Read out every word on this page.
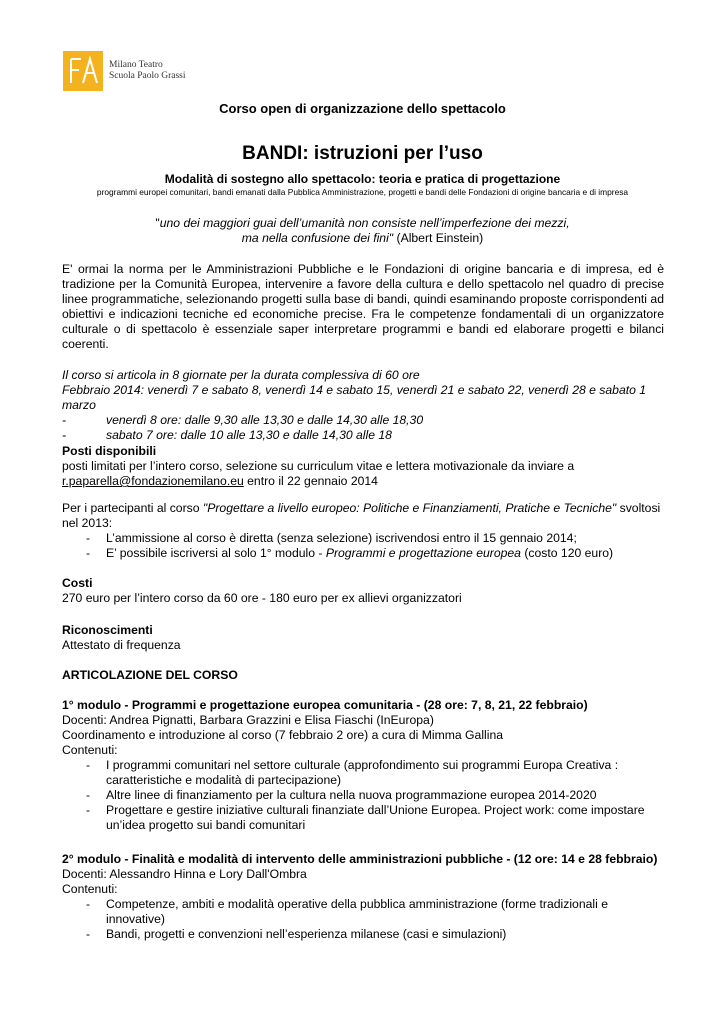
Milano Teatro
Scuola Paolo Grassi
Corso open di organizzazione dello spettacolo
BANDI: istruzioni per l’uso
Modalità di sostegno allo spettacolo: teoria e pratica di progettazione
programmi europei comunitari, bandi emanati dalla Pubblica Amministrazione, progetti e bandi delle Fondazioni di origine bancaria e di impresa
"uno dei maggiori guai dell’umanità non consiste nell’imperfezione dei mezzi,
ma nella confusione dei fini" (Albert Einstein)
E' ormai la norma per le Amministrazioni Pubbliche e le Fondazioni di origine bancaria e di impresa, ed è tradizione per la Comunità Europea, intervenire a favore della cultura e dello spettacolo nel quadro di precise linee programmatiche, selezionando progetti sulla base di bandi, quindi esaminando proposte corrispondenti ad obiettivi e indicazioni tecniche ed economiche precise. Fra le competenze fondamentali di un organizzatore culturale o di spettacolo è essenziale saper interpretare programmi e bandi ed elaborare progetti e bilanci coerenti.
Il corso si articola in 8 giornate per la durata complessiva di 60 ore
Febbraio 2014: venerdì 7 e sabato 8, venerdì 14 e sabato 15, venerdì 21 e sabato 22, venerdì 28 e sabato 1 marzo
-	venerdì 8 ore: dalle 9,30 alle 13,30 e dalle 14,30 alle 18,30
-	sabato 7 ore: dalle 10 alle 13,30 e dalle 14,30 alle 18
Posti disponibili
posti limitati per l’intero corso, selezione su curriculum vitae e lettera motivazionale da inviare a
r.paparella@fondazionemilano.eu entro il 22 gennaio 2014
Per i partecipanti al corso "Progettare a livello europeo: Politiche e Finanziamenti, Pratiche e Tecniche" svoltosi nel 2013:
- L’ammissione al corso è diretta (senza selezione) iscrivendosi entro il 15 gennaio 2014;
- E’ possibile iscriversi al solo 1° modulo - Programmi e progettazione europea (costo 120 euro)
Costi
270 euro per l’intero corso da 60 ore - 180 euro per ex allievi organizzatori
Riconoscimenti
Attestato di frequenza
ARTICOLAZIONE DEL CORSO
1° modulo - Programmi e progettazione europea comunitaria - (28 ore: 7, 8, 21, 22 febbraio)
Docenti: Andrea Pignatti, Barbara Grazzini e Elisa Fiaschi (InEuropa)
Coordinamento e introduzione al corso (7 febbraio 2 ore) a cura di Mimma Gallina
Contenuti:
- I programmi comunitari nel settore culturale (approfondimento sui programmi Europa Creativa : caratteristiche e modalità di partecipazione)
- Altre linee di finanziamento per la cultura nella nuova programmazione europea 2014-2020
- Progettare e gestire iniziative culturali finanziate dall’Unione Europea. Project work: come impostare un’idea progetto sui bandi comunitari
2° modulo - Finalità e modalità di intervento delle amministrazioni pubbliche - (12 ore: 14 e 28 febbraio)
Docenti: Alessandro Hinna e Lory Dall'Ombra
Contenuti:
- Competenze, ambiti e modalità operative della pubblica amministrazione (forme tradizionali e innovative)
- Bandi, progetti e convenzioni nell’esperienza milanese (casi e simulazioni)
